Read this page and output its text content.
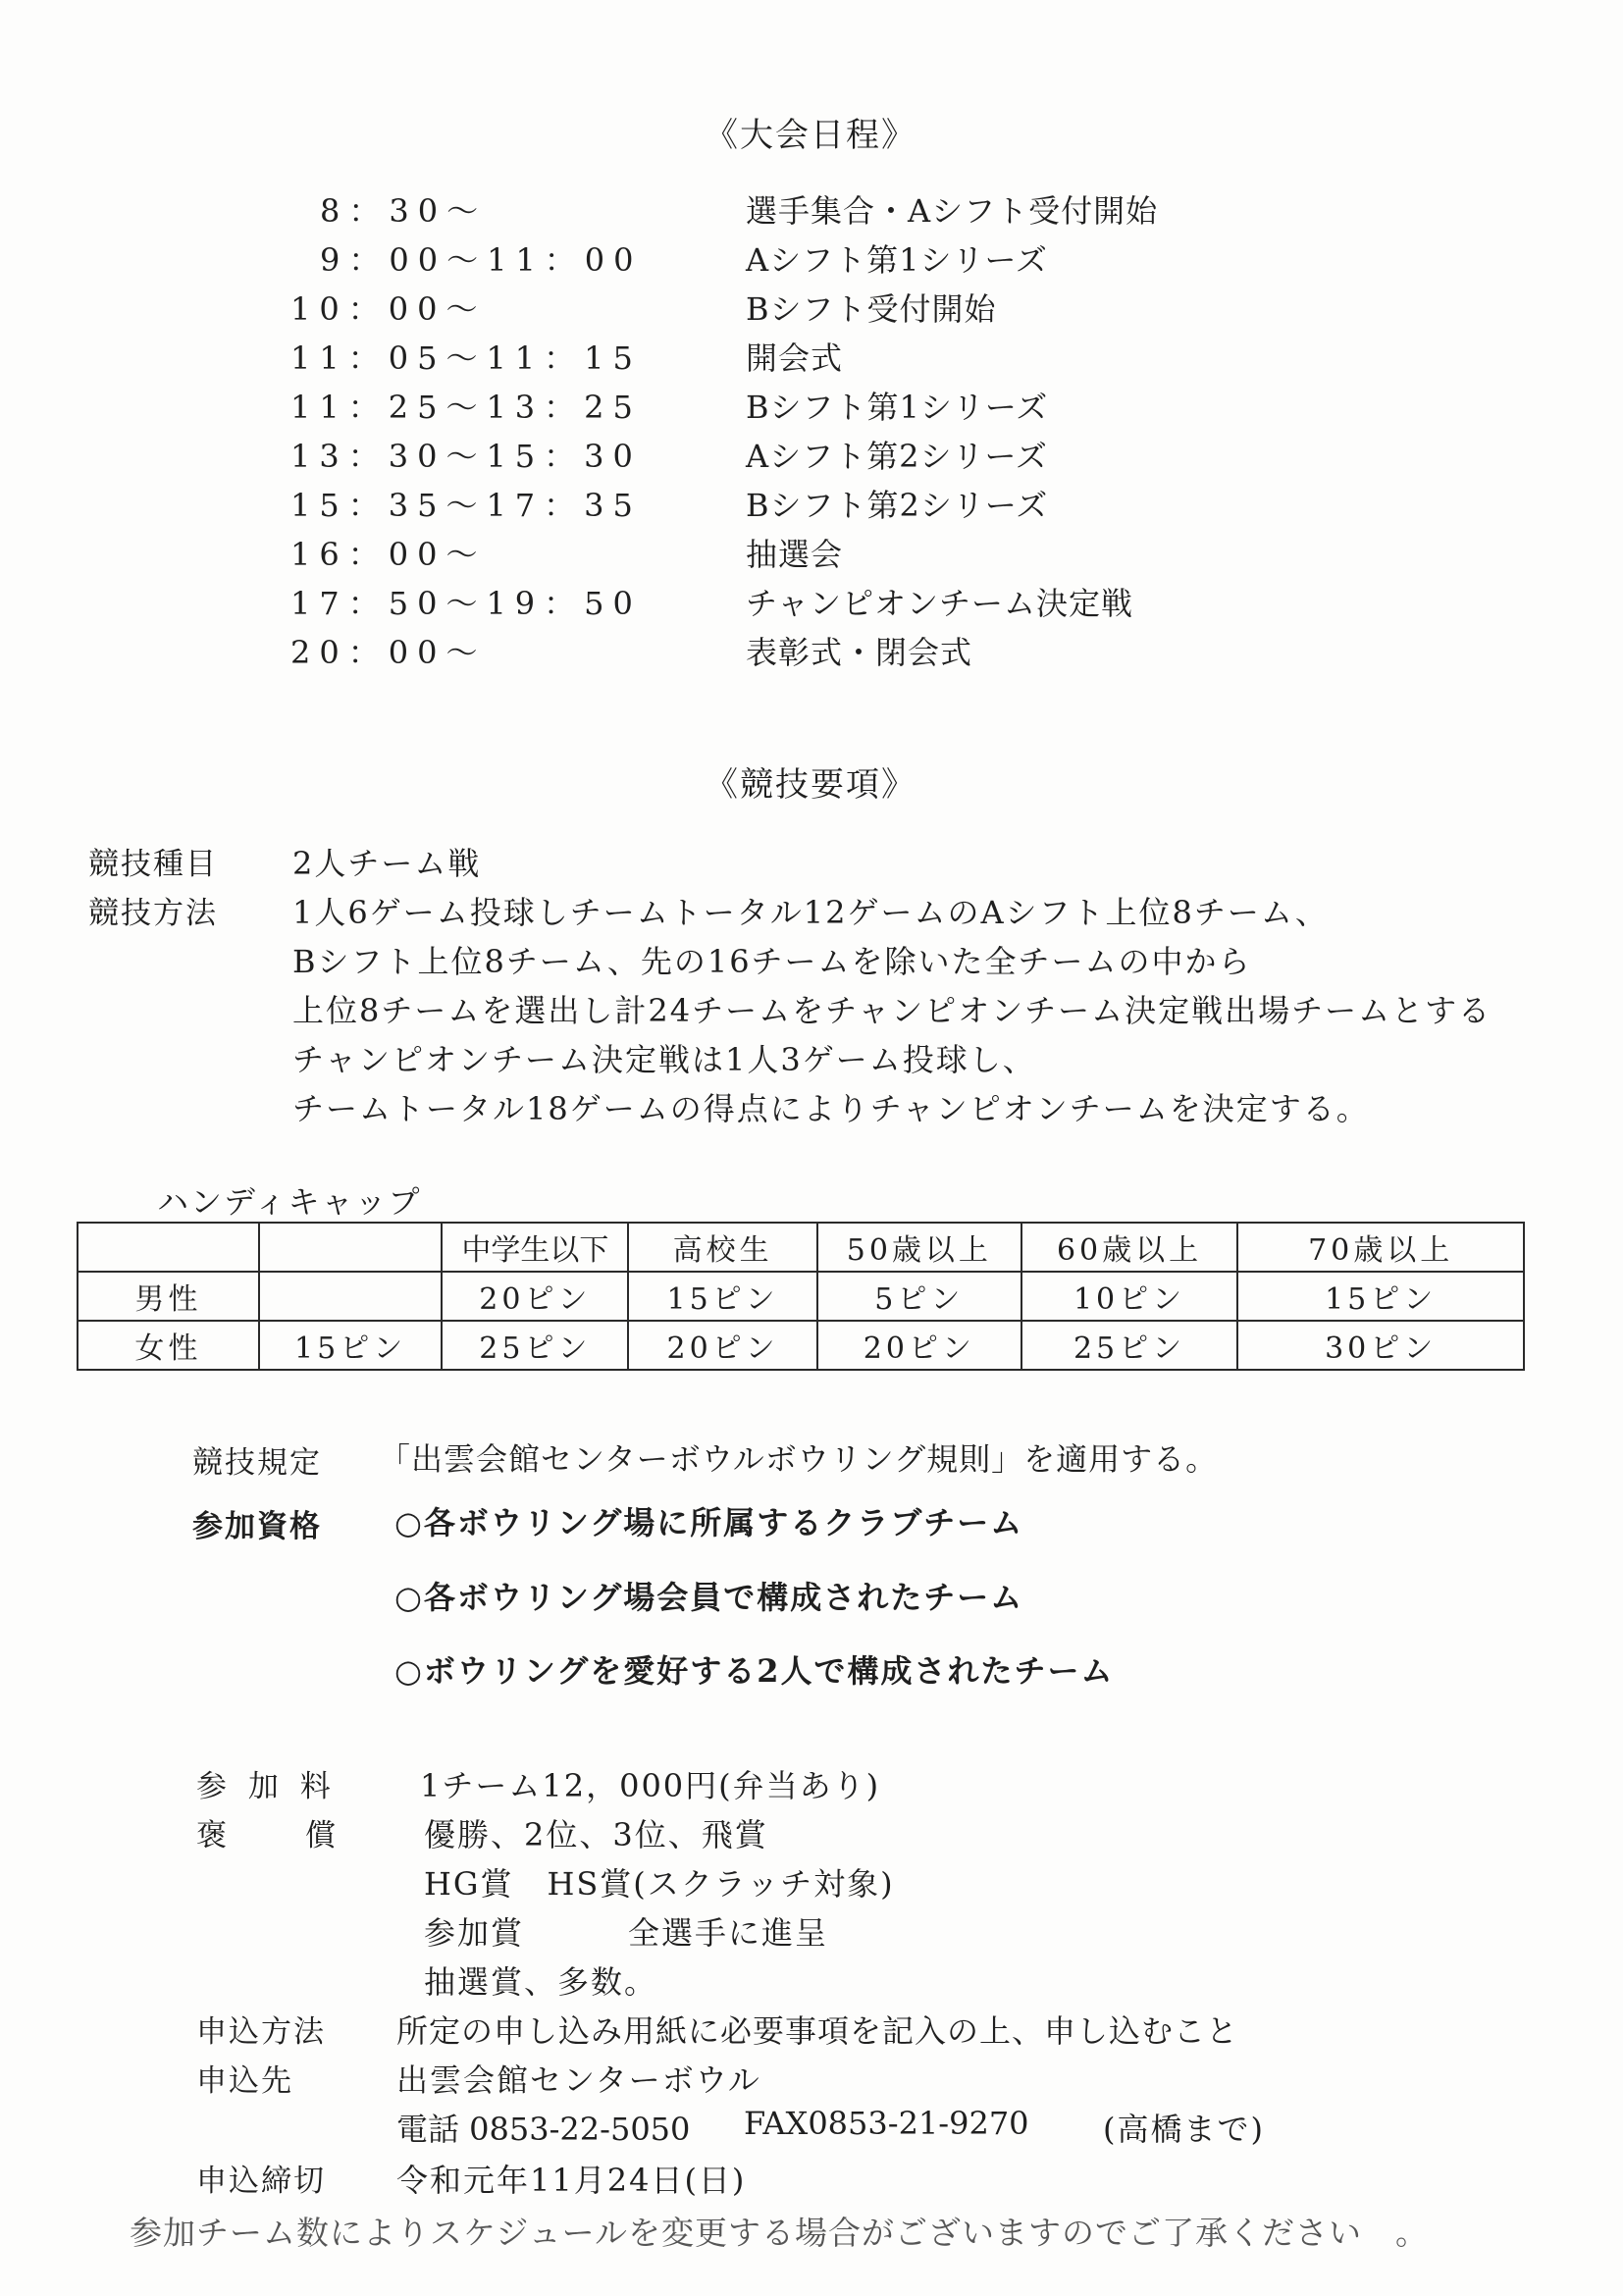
《大会日程》
8：30～	選手集合・Aシフト受付開始
9：00～11：00	Aシフト第1シリーズ
10：00～	Bシフト受付開始
11：05～11：15	開会式
11：25～13：25	Bシフト第1シリーズ
13：30～15：30	Aシフト第2シリーズ
15：35～17：35	Bシフト第2シリーズ
16：00～	抽選会
17：50～19：50	チャンピオンチーム決定戦
20：00～	表彰式・閉会式
《競技要項》
競技種目 2人チーム戦
競技方法 1人6ゲーム投球しチームトータル12ゲームのAシフト上位8チーム、
Bシフト上位8チーム、先の16チームを除いた全チームの中から
上位8チームを選出し計24チームをチャンピオンチーム決定戦出場チームとする
チャンピオンチーム決定戦は1人3ゲーム投球し、
チームトータル18ゲームの得点によりチャンピオンチームを決定する。
ハンディキャップ
		中学生以下	高校生	50歳以上	60歳以上	70歳以上
男性		20ピン	15ピン	5ピン	10ピン	15ピン
女性	15ピン	25ピン	20ピン	20ピン	25ピン	30ピン
競技規定 「出雲会館センターボウルボウリング規則」を適用する。
参加資格 ○各ボウリング場に所属するクラブチーム
○各ボウリング場会員で構成されたチーム
○ボウリングを愛好する2人で構成されたチーム
参 加 料	1チーム12，000円(弁当あり)
褒　　償	優勝、2位、3位、飛賞
HG賞　HS賞(スクラッチ対象)
参加賞	全選手に進呈
抽選賞、多数。
申込方法 所定の申し込み用紙に必要事項を記入の上、申し込むこと
申込先	出雲会館センターボウル
電話 0853-22-5050 FAX0853-21-9270 (高橋まで)
申込締切 令和元年11月24日(日)
参加チーム数によりスケジュールを変更する場合がございますのでご了承ください　。
